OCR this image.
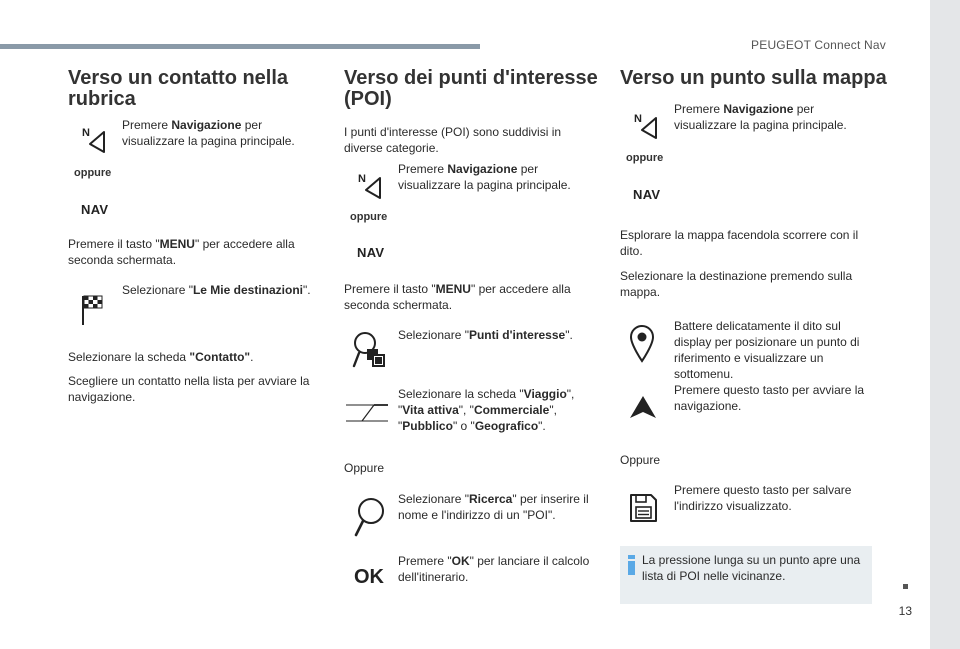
PEUGEOT Connect Nav
13
Verso un contatto nella rubrica
N
Premere Navigazione per visualizzare la pagina principale.
oppure
NAV
Premere il tasto "MENU" per accedere alla seconda schermata.
Selezionare "Le Mie destinazioni".
Selezionare la scheda "Contatto".
Scegliere un contatto nella lista per avviare la navigazione.
Verso dei punti d'interesse (POI)
I punti d'interesse (POI) sono suddivisi in diverse categorie.
N
Premere Navigazione per visualizzare la pagina principale.
oppure
NAV
Premere il tasto "MENU" per accedere alla seconda schermata.
Selezionare "Punti d'interesse".
Selezionare la scheda "Viaggio", "Vita attiva", "Commerciale", "Pubblico" o "Geografico".
Oppure
Selezionare "Ricerca" per inserire il nome e l'indirizzo di un "POI".
OK
Premere "OK" per lanciare il calcolo dell'itinerario.
Verso un punto sulla mappa
N
Premere Navigazione per visualizzare la pagina principale.
oppure
NAV
Esplorare la mappa facendola scorrere con il dito.
Selezionare la destinazione premendo sulla mappa.
Battere delicatamente il dito sul display per posizionare un punto di riferimento e visualizzare un sottomenu.
Premere questo tasto per avviare la navigazione.
Oppure
Premere questo tasto per salvare l'indirizzo visualizzato.
La pressione lunga su un punto apre una lista di POI nelle vicinanze.
